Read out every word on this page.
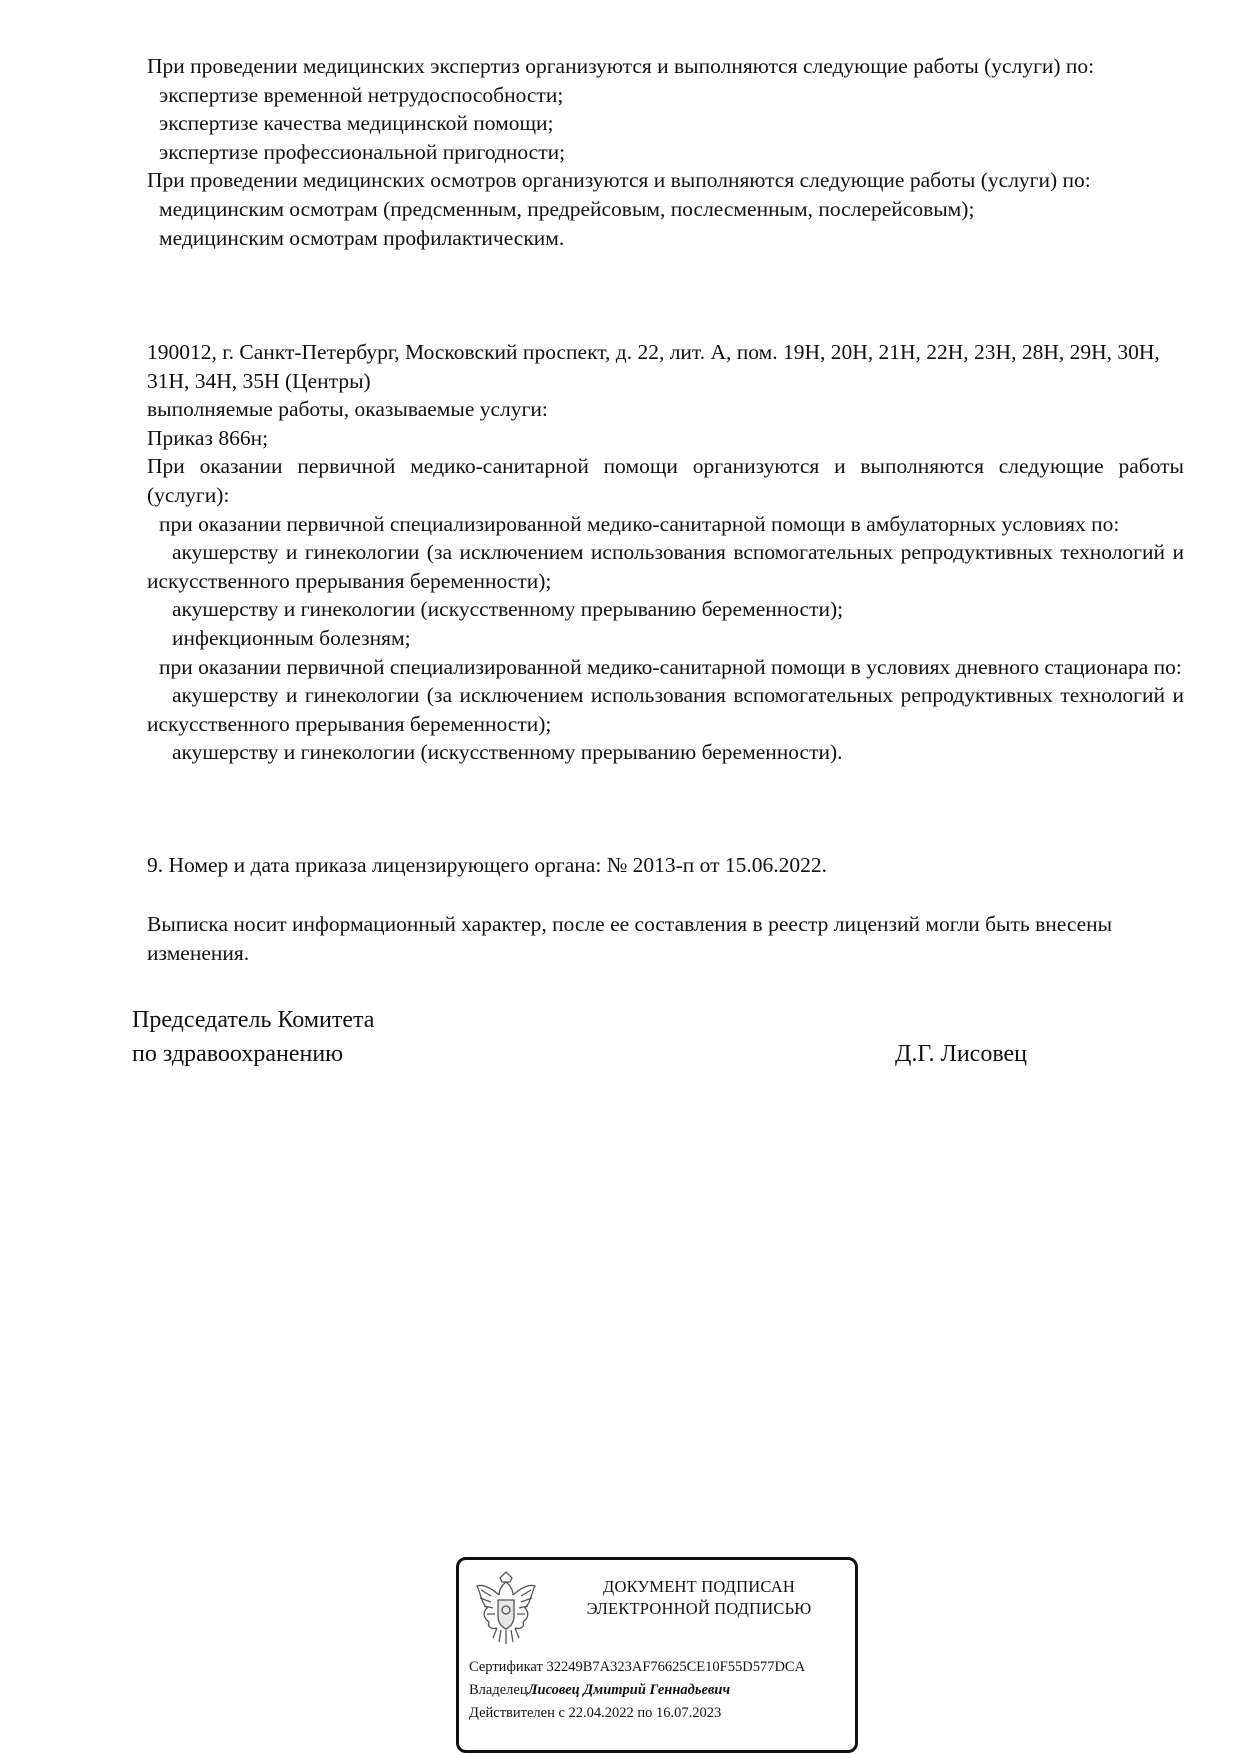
При проведении медицинских экспертиз организуются и выполняются следующие работы (услуги) по:

экспертизе временной нетрудоспособности;

экспертизе качества медицинской помощи;

экспертизе профессиональной пригодности;

При проведении медицинских осмотров организуются и выполняются следующие работы (услуги) по:

медицинским осмотрам (предсменным, предрейсовым, послесменным, послерейсовым);

медицинским осмотрам профилактическим.

190012, г. Санкт-Петербург, Московский проспект, д. 22, лит. А, пом. 19Н, 20Н, 21Н, 22Н, 23Н, 28Н, 29Н, 30Н, 31Н, 34Н, 35Н (Центры)

выполняемые работы, оказываемые услуги:

Приказ 866н;

При оказании первичной медико-санитарной помощи организуются и выполняются следующие работы (услуги):

при оказании первичной специализированной медико-санитарной помощи в амбулаторных условиях по:

акушерству и гинекологии (за исключением использования вспомогательных репродуктивных технологий и искусственного прерывания беременности);

акушерству и гинекологии (искусственному прерыванию беременности);

инфекционным болезням;

при оказании первичной специализированной медико-санитарной помощи в условиях дневного стационара по:

акушерству и гинекологии (за исключением использования вспомогательных репродуктивных технологий и искусственного прерывания беременности);

акушерству и гинекологии (искусственному прерыванию беременности).

9. Номер и дата приказа лицензирующего органа: № 2013-п от 15.06.2022.

Выписка носит информационный характер, после ее составления в реестр лицензий могли быть внесены изменения.

Председатель Комитета
по здравоохранению	Д.Г. Лисовец
ДОКУМЕНТ ПОДПИСАН
ЭЛЕКТРОННОЙ ПОДПИСЬЮ
Сертификат 32249B7A323AF76625CE10F55D577DCA
ВладелецЛисовец Дмитрий Геннадьевич
Действителен с 22.04.2022 по 16.07.2023
